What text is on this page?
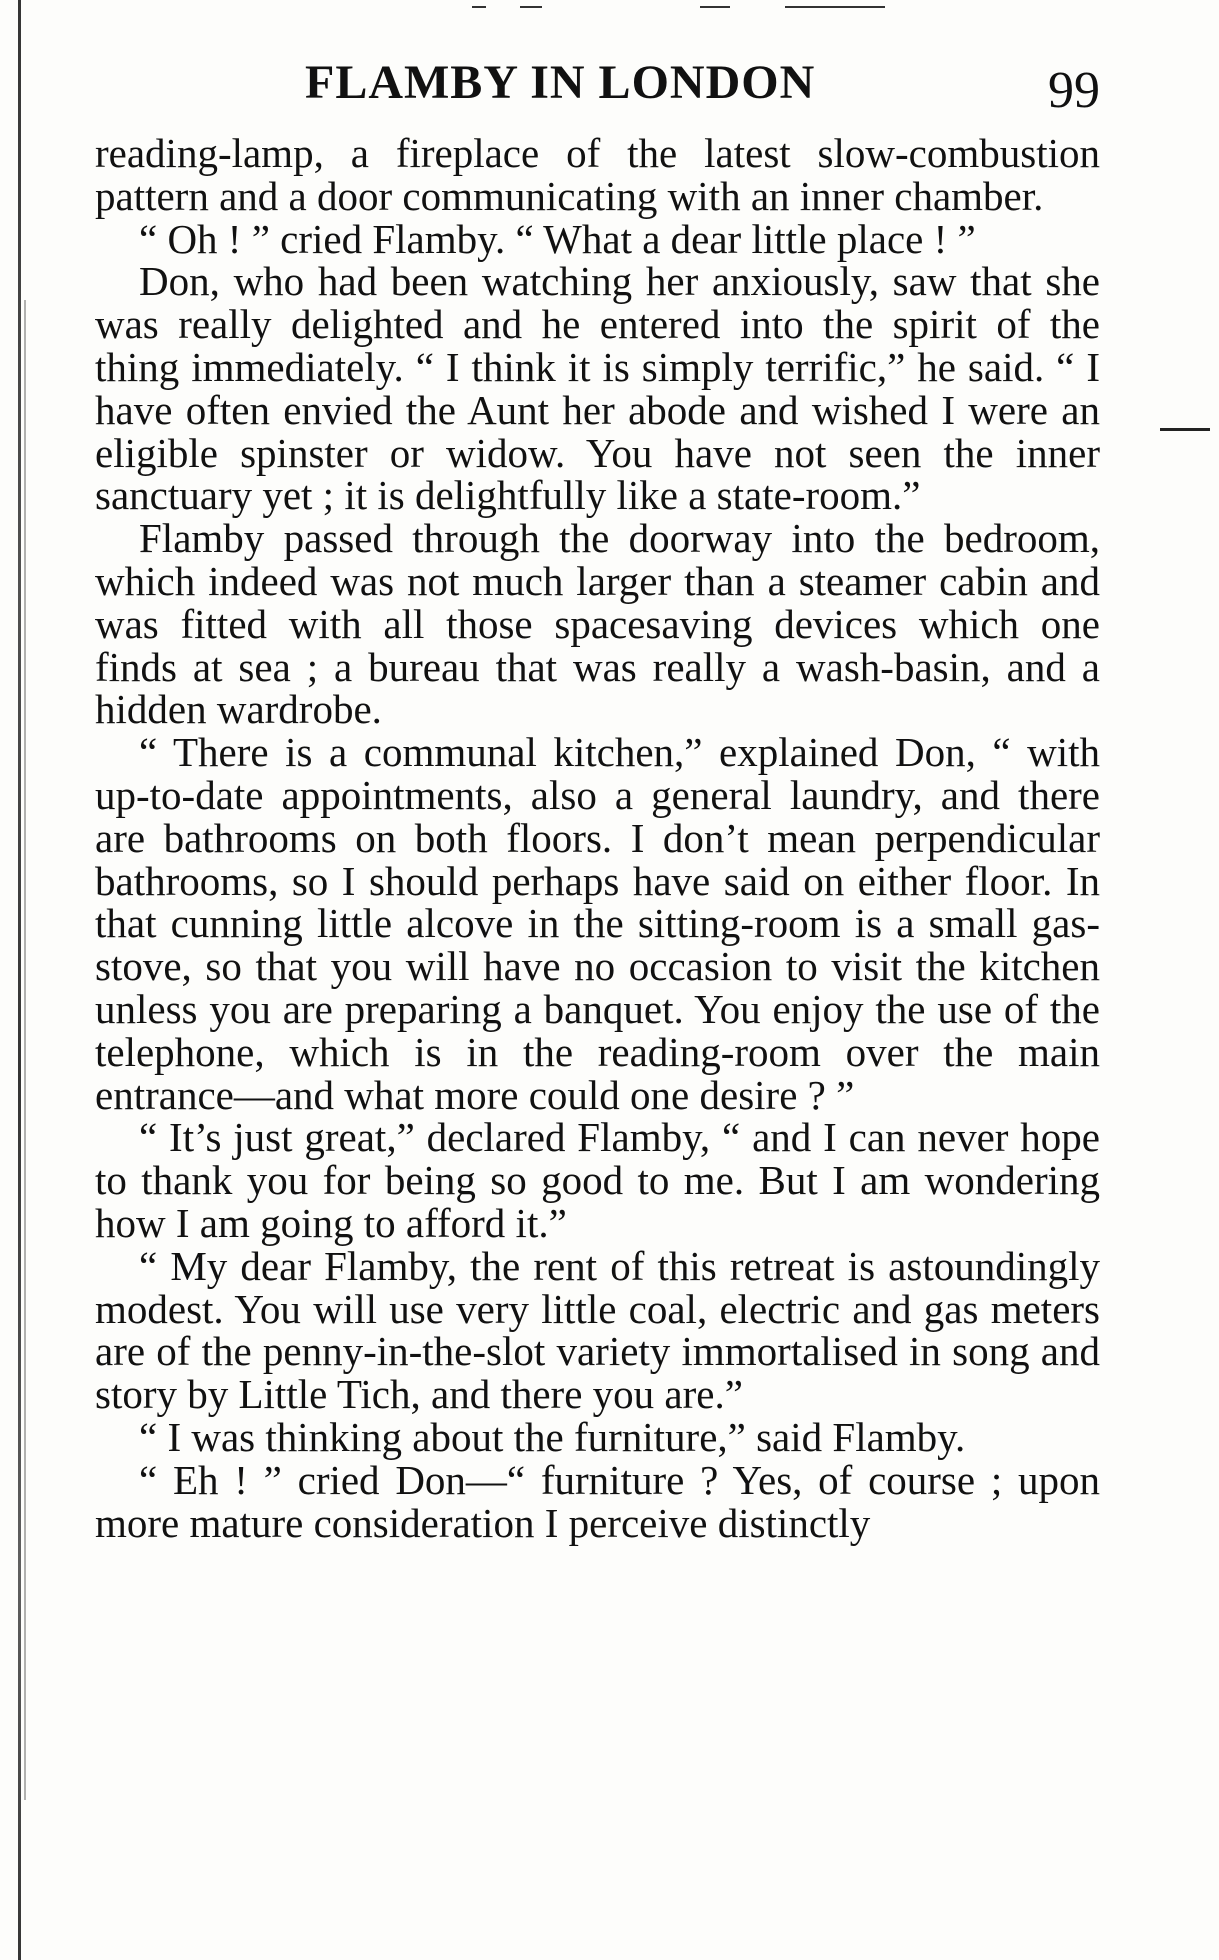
FLAMBY IN LONDON	99

reading-lamp, a fireplace of the latest slow-combustion pattern and a door communicating with an inner chamber.

“ Oh ! ” cried Flamby. “ What a dear little place ! ”

Don, who had been watching her anxiously, saw that she was really delighted and he entered into the spirit of the thing immediately. “ I think it is simply terrific,” he said. “ I have often envied the Aunt her abode and wished I were an eligible spinster or widow. You have not seen the inner sanctuary yet ; it is delightfully like a state-room.”

Flamby passed through the doorway into the bedroom, which indeed was not much larger than a steamer cabin and was fitted with all those spacesaving devices which one finds at sea ; a bureau that was really a wash-basin, and a hidden wardrobe.

“ There is a communal kitchen,” explained Don, “ with up-to-date appointments, also a general laundry, and there are bathrooms on both floors. I don’t mean perpendicular bathrooms, so I should perhaps have said on either floor. In that cunning little alcove in the sitting-room is a small gas-stove, so that you will have no occasion to visit the kitchen unless you are preparing a banquet. You enjoy the use of the telephone, which is in the reading-room over the main entrance—and what more could one desire ? ”

“ It’s just great,” declared Flamby, “ and I can never hope to thank you for being so good to me. But I am wondering how I am going to afford it.”

“ My dear Flamby, the rent of this retreat is astoundingly modest. You will use very little coal, electric and gas meters are of the penny-in-the-slot variety immortalised in song and story by Little Tich, and there you are.”

“ I was thinking about the furniture,” said Flamby.

“ Eh ! ” cried Don—“ furniture ? Yes, of course ; upon more mature consideration I perceive distinctly
